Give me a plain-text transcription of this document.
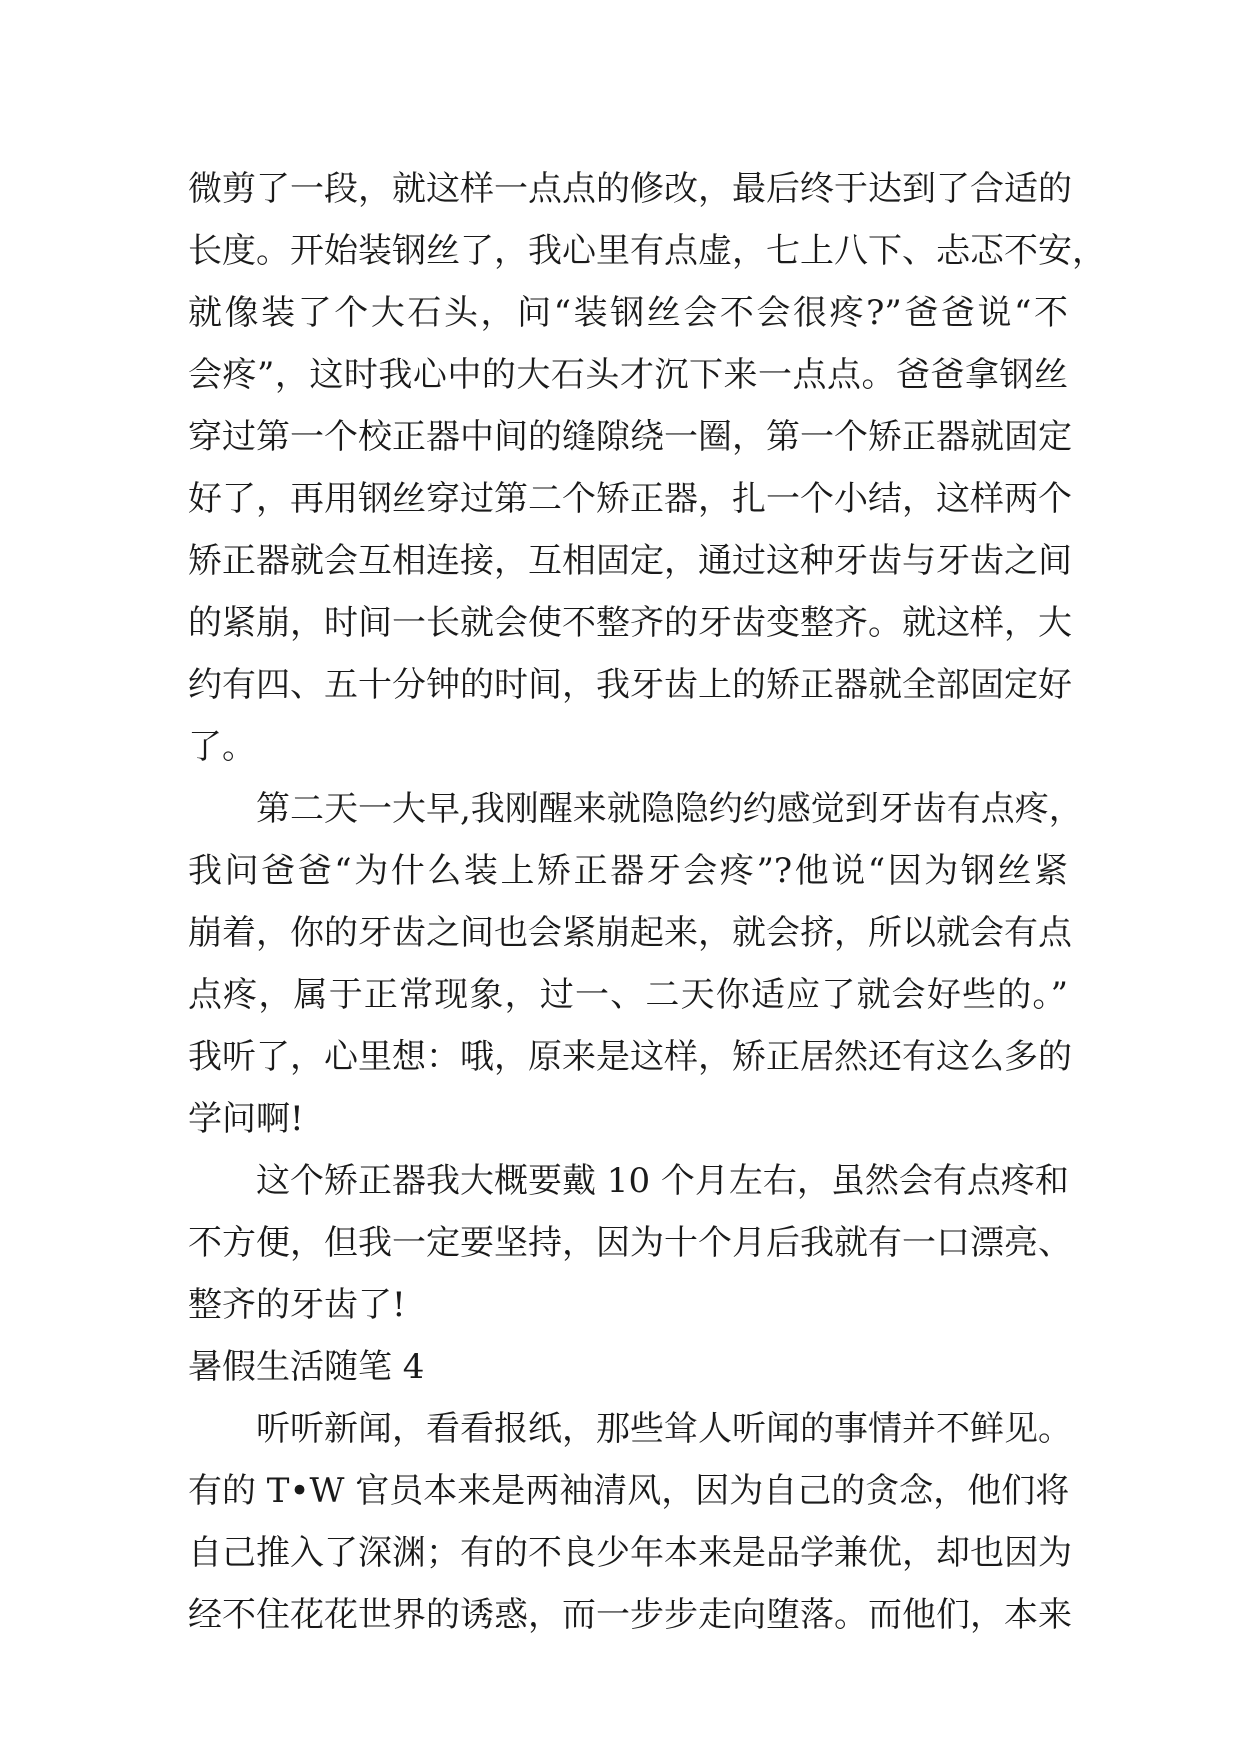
微剪了一段，就这样一点点的修改，最后终于达到了合适的

长度。开始装钢丝了，我心里有点虚，七上八下、忐忑不安，

就像装了个大石头，问“装钢丝会不会很疼?”爸爸说“不

会疼”，这时我心中的大石头才沉下来一点点。爸爸拿钢丝

穿过第一个校正器中间的缝隙绕一圈，第一个矫正器就固定

好了，再用钢丝穿过第二个矫正器，扎一个小结，这样两个

矫正器就会互相连接，互相固定，通过这种牙齿与牙齿之间

的紧崩，时间一长就会使不整齐的牙齿变整齐。就这样，大

约有四、五十分钟的时间，我牙齿上的矫正器就全部固定好

了。

第二天一大早,我刚醒来就隐隐约约感觉到牙齿有点疼，

我问爸爸“为什么装上矫正器牙会疼”?他说“因为钢丝紧

崩着，你的牙齿之间也会紧崩起来，就会挤，所以就会有点

点疼，属于正常现象，过一、二天你适应了就会好些的。”

我听了，心里想：哦，原来是这样，矫正居然还有这么多的

学问啊!

这个矫正器我大概要戴 10 个月左右，虽然会有点疼和

不方便，但我一定要坚持，因为十个月后我就有一口漂亮、

整齐的牙齿了!

暑假生活随笔 4

听听新闻，看看报纸，那些耸人听闻的事情并不鲜见。

有的 T•W 官员本来是两袖清风，因为自己的贪念，他们将

自己推入了深渊；有的不良少年本来是品学兼优，却也因为

经不住花花世界的诱惑，而一步步走向堕落。而他们，本来
